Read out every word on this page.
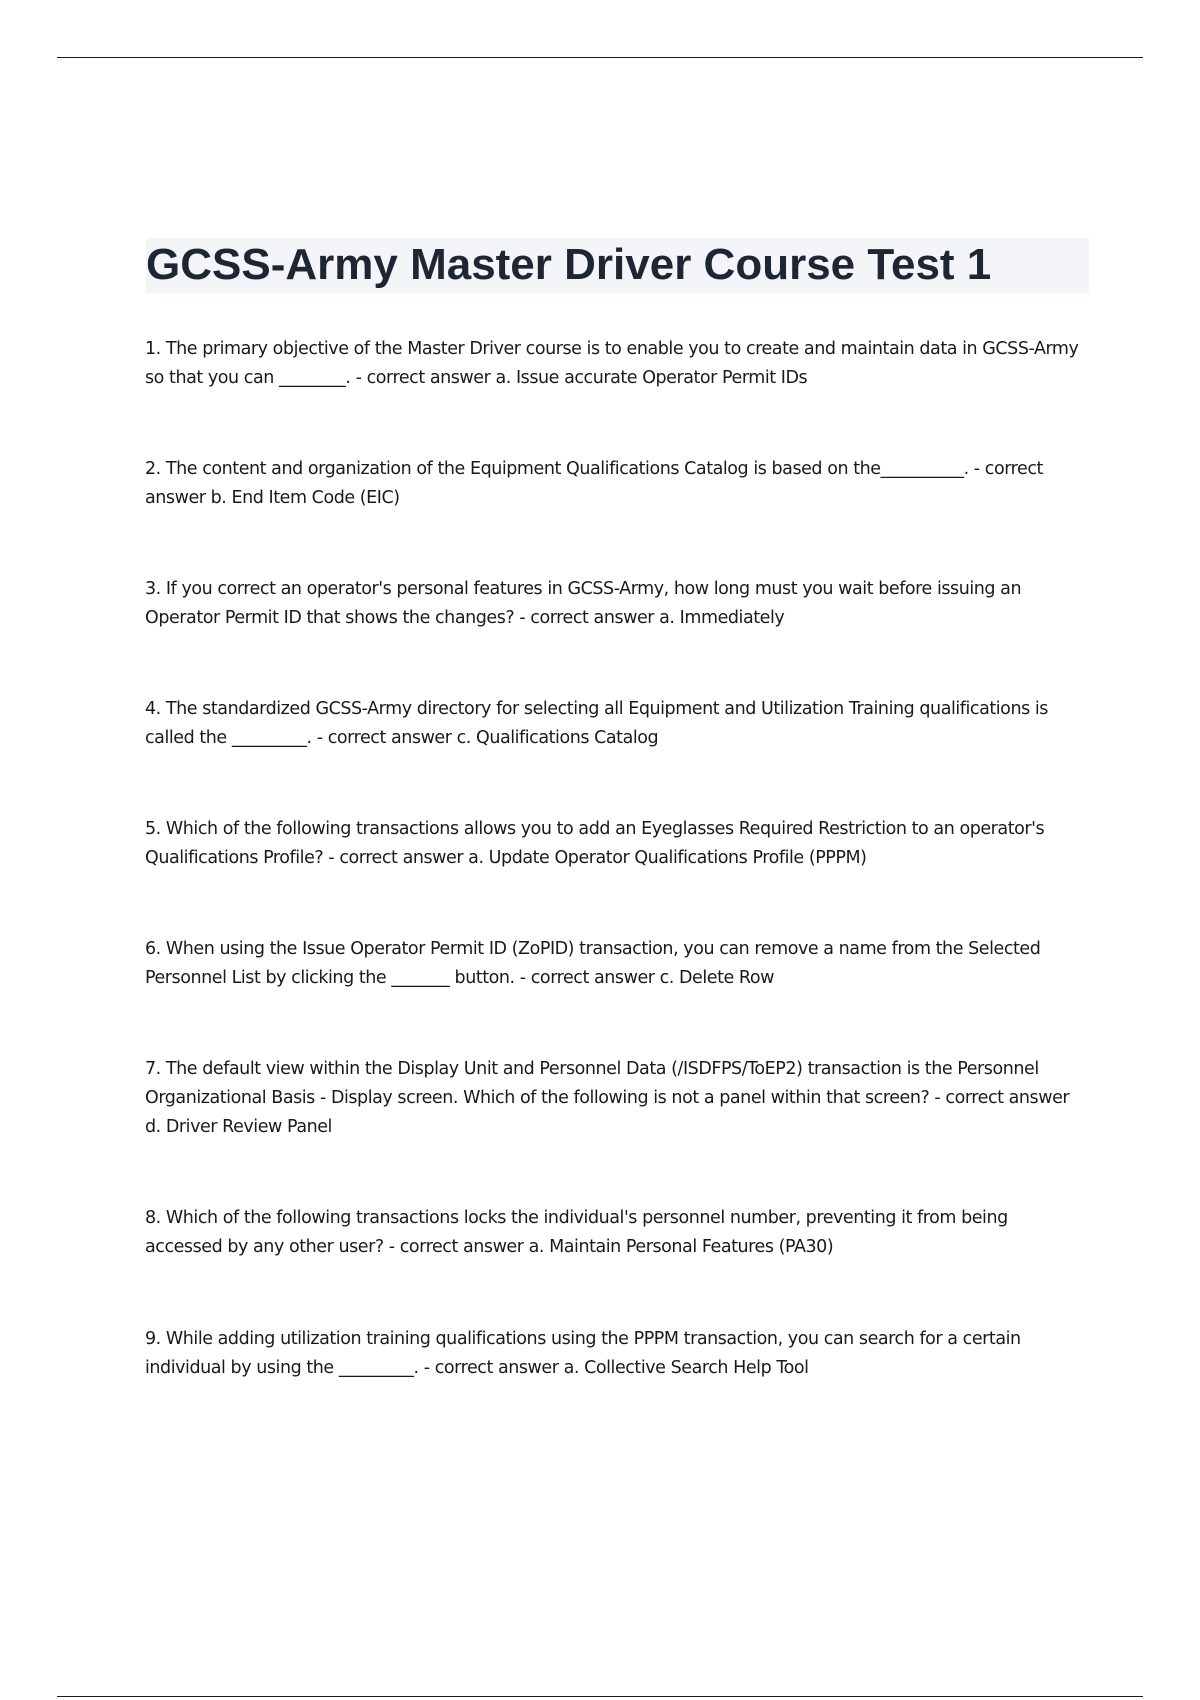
GCSS-Army Master Driver Course Test 1

1. The primary objective of the Master Driver course is to enable you to create and maintain data in GCSS-Army so that you can ________. - correct answer a. Issue accurate Operator Permit IDs

2. The content and organization of the Equipment Qualifications Catalog is based on the__________. - correct answer b. End Item Code (EIC)

3. If you correct an operator's personal features in GCSS-Army, how long must you wait before issuing an Operator Permit ID that shows the changes? - correct answer a. Immediately

4. The standardized GCSS-Army directory for selecting all Equipment and Utilization Training qualifications is called the _________. - correct answer c. Qualifications Catalog

5. Which of the following transactions allows you to add an Eyeglasses Required Restriction to an operator's Qualifications Profile? - correct answer a. Update Operator Qualifications Profile (PPPM)

6. When using the Issue Operator Permit ID (ZoPID) transaction, you can remove a name from the Selected Personnel List by clicking the _______ button. - correct answer c. Delete Row

7. The default view within the Display Unit and Personnel Data (/ISDFPS/ToEP2) transaction is the Personnel Organizational Basis - Display screen. Which of the following is not a panel within that screen? - correct answer d. Driver Review Panel

8. Which of the following transactions locks the individual's personnel number, preventing it from being accessed by any other user? - correct answer a. Maintain Personal Features (PA30)

9. While adding utilization training qualifications using the PPPM transaction, you can search for a certain individual by using the _________. - correct answer a. Collective Search Help Tool
